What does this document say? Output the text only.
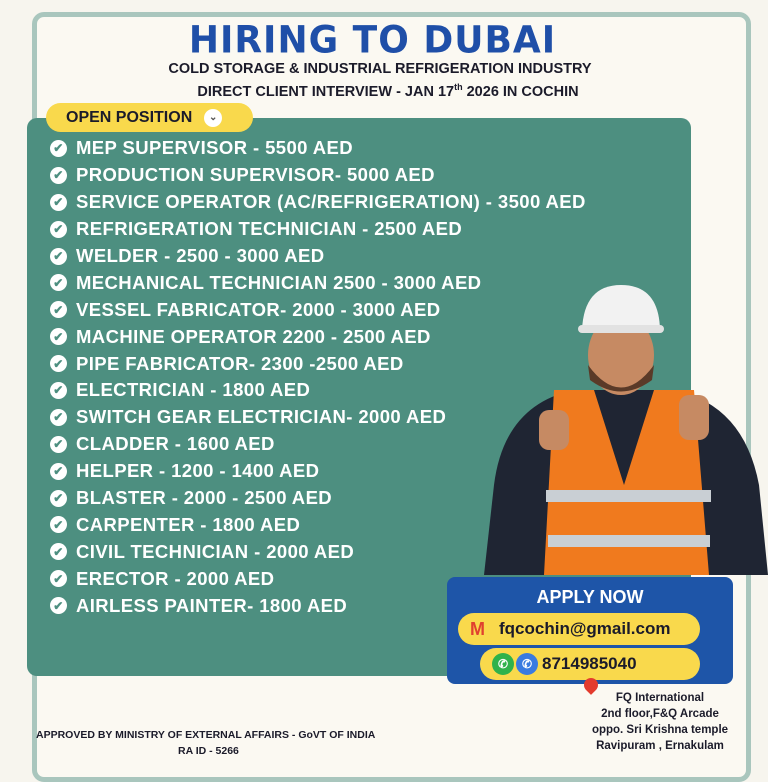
HIRING TO DUBAI
COLD STORAGE & INDUSTRIAL REFRIGERATION INDUSTRY
DIRECT CLIENT INTERVIEW - JAN 17th 2026 IN COCHIN
OPEN POSITION	⌄
✔ MEP SUPERVISOR - 5500 AED
✔ PRODUCTION SUPERVISOR- 5000 AED
✔ SERVICE OPERATOR (AC/REFRIGERATION) - 3500 AED
✔ REFRIGERATION TECHNICIAN - 2500 AED
✔ WELDER - 2500 - 3000 AED
✔ MECHANICAL TECHNICIAN 2500 - 3000 AED
✔ VESSEL FABRICATOR- 2000 - 3000 AED
✔ MACHINE OPERATOR 2200 - 2500 AED
✔ PIPE FABRICATOR- 2300 -2500 AED
✔ ELECTRICIAN - 1800 AED
✔ SWITCH GEAR ELECTRICIAN- 2000 AED
✔ CLADDER - 1600 AED
✔ HELPER - 1200 - 1400 AED
✔ BLASTER - 2000 - 2500 AED
✔ CARPENTER - 1800 AED
✔ CIVIL TECHNICIAN - 2000 AED
✔ ERECTOR - 2000 AED
✔ AIRLESS PAINTER- 1800 AED	APPLY NOW
M fqcochin@gmail.com
✆	✆ 8714985040
FQ International
2nd floor,F&Q Arcade
oppo. Sri Krishna temple
Ravipuram , Ernakulam
APPROVED BY MINISTRY OF EXTERNAL AFFAIRS - GoVT OF INDIA
RA ID - 5266
